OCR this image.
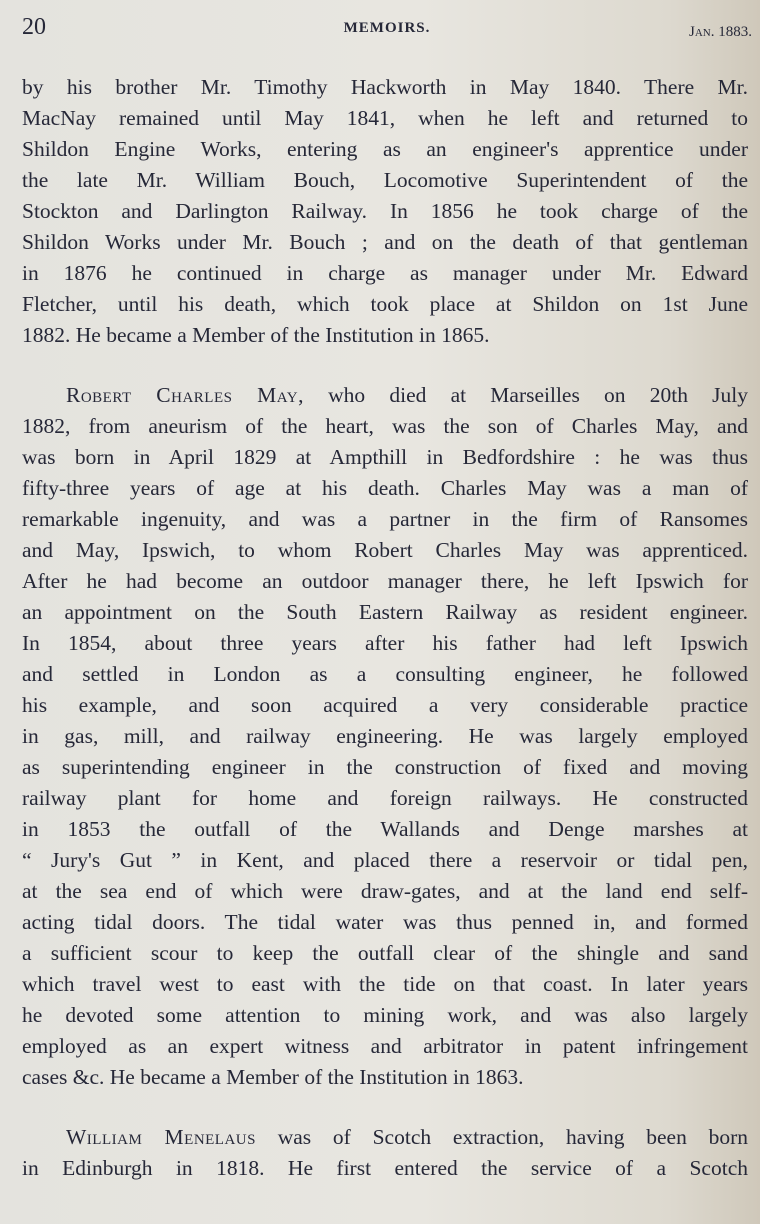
20	MEMOIRS.	Jan. 1883.
by his brother Mr. Timothy Hackworth in May 1840. There Mr.
MacNay remained until May 1841, when he left and returned to
Shildon Engine Works, entering as an engineer's apprentice under
the late Mr. William Bouch, Locomotive Superintendent of the
Stockton and Darlington Railway. In 1856 he took charge of the
Shildon Works under Mr. Bouch ; and on the death of that gentleman
in 1876 he continued in charge as manager under Mr. Edward
Fletcher, until his death, which took place at Shildon on 1st June
1882. He became a Member of the Institution in 1865.
Robert Charles May, who died at Marseilles on 20th July
1882, from aneurism of the heart, was the son of Charles May, and
was born in April 1829 at Ampthill in Bedfordshire : he was thus
fifty-three years of age at his death. Charles May was a man of
remarkable ingenuity, and was a partner in the firm of Ransomes
and May, Ipswich, to whom Robert Charles May was apprenticed.
After he had become an outdoor manager there, he left Ipswich for
an appointment on the South Eastern Railway as resident engineer.
In 1854, about three years after his father had left Ipswich
and settled in London as a consulting engineer, he followed
his example, and soon acquired a very considerable practice
in gas, mill, and railway engineering. He was largely employed
as superintending engineer in the construction of fixed and moving
railway plant for home and foreign railways. He constructed
in 1853 the outfall of the Wallands and Denge marshes at
“ Jury's Gut ” in Kent, and placed there a reservoir or tidal pen,
at the sea end of which were draw-gates, and at the land end self-
acting tidal doors. The tidal water was thus penned in, and formed
a sufficient scour to keep the outfall clear of the shingle and sand
which travel west to east with the tide on that coast. In later years
he devoted some attention to mining work, and was also largely
employed as an expert witness and arbitrator in patent infringement
cases &c. He became a Member of the Institution in 1863.
William Menelaus was of Scotch extraction, having been born
in Edinburgh in 1818. He first entered the service of a Scotch
